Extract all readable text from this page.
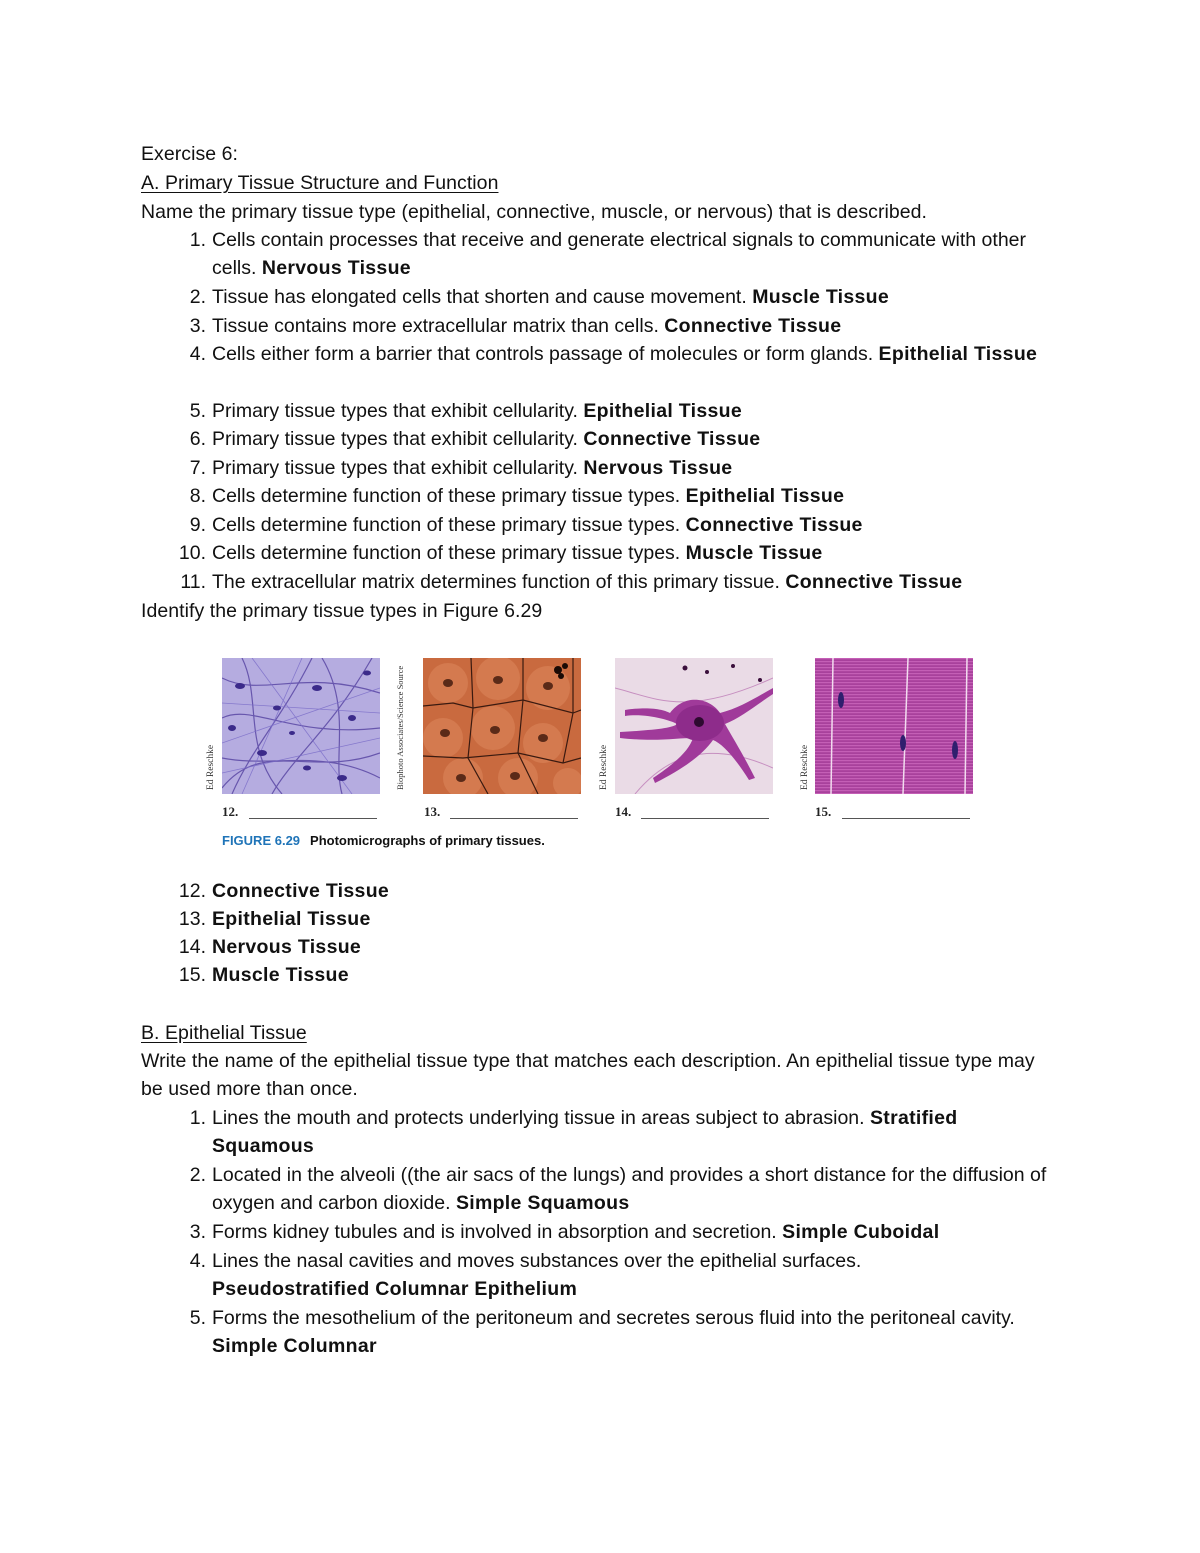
Exercise 6:
A. Primary Tissue Structure and Function
Name the primary tissue type (epithelial, connective, muscle, or nervous) that is described.
1. Cells contain processes that receive and generate electrical signals to communicate with other cells. Nervous Tissue
2. Tissue has elongated cells that shorten and cause movement. Muscle Tissue
3. Tissue contains more extracellular matrix than cells. Connective Tissue
4. Cells either form a barrier that controls passage of molecules or form glands. Epithelial Tissue
5. Primary tissue types that exhibit cellularity. Epithelial Tissue
6. Primary tissue types that exhibit cellularity. Connective Tissue
7. Primary tissue types that exhibit cellularity. Nervous Tissue
8. Cells determine function of these primary tissue types. Epithelial Tissue
9. Cells determine function of these primary tissue types. Connective Tissue
10. Cells determine function of these primary tissue types. Muscle Tissue
11. The extracellular matrix determines function of this primary tissue. Connective Tissue
Identify the primary tissue types in Figure 6.29
Ed Reschke
12.
Biophoto Associates/Science Source
13.
Ed Reschke
14.
Ed Reschke
15.
FIGURE 6.29 Photomicrographs of primary tissues.
12. Connective Tissue
13. Epithelial Tissue
14. Nervous Tissue
15. Muscle Tissue
B. Epithelial Tissue
Write the name of the epithelial tissue type that matches each description. An epithelial tissue type may be used more than once.
1. Lines the mouth and protects underlying tissue in areas subject to abrasion. Stratified Squamous
2. Located in the alveoli ((the air sacs of the lungs) and provides a short distance for the diffusion of oxygen and carbon dioxide. Simple Squamous
3. Forms kidney tubules and is involved in absorption and secretion. Simple Cuboidal
4. Lines the nasal cavities and moves substances over the epithelial surfaces. Pseudostratified Columnar Epithelium
5. Forms the mesothelium of the peritoneum and secretes serous fluid into the peritoneal cavity. Simple Columnar
